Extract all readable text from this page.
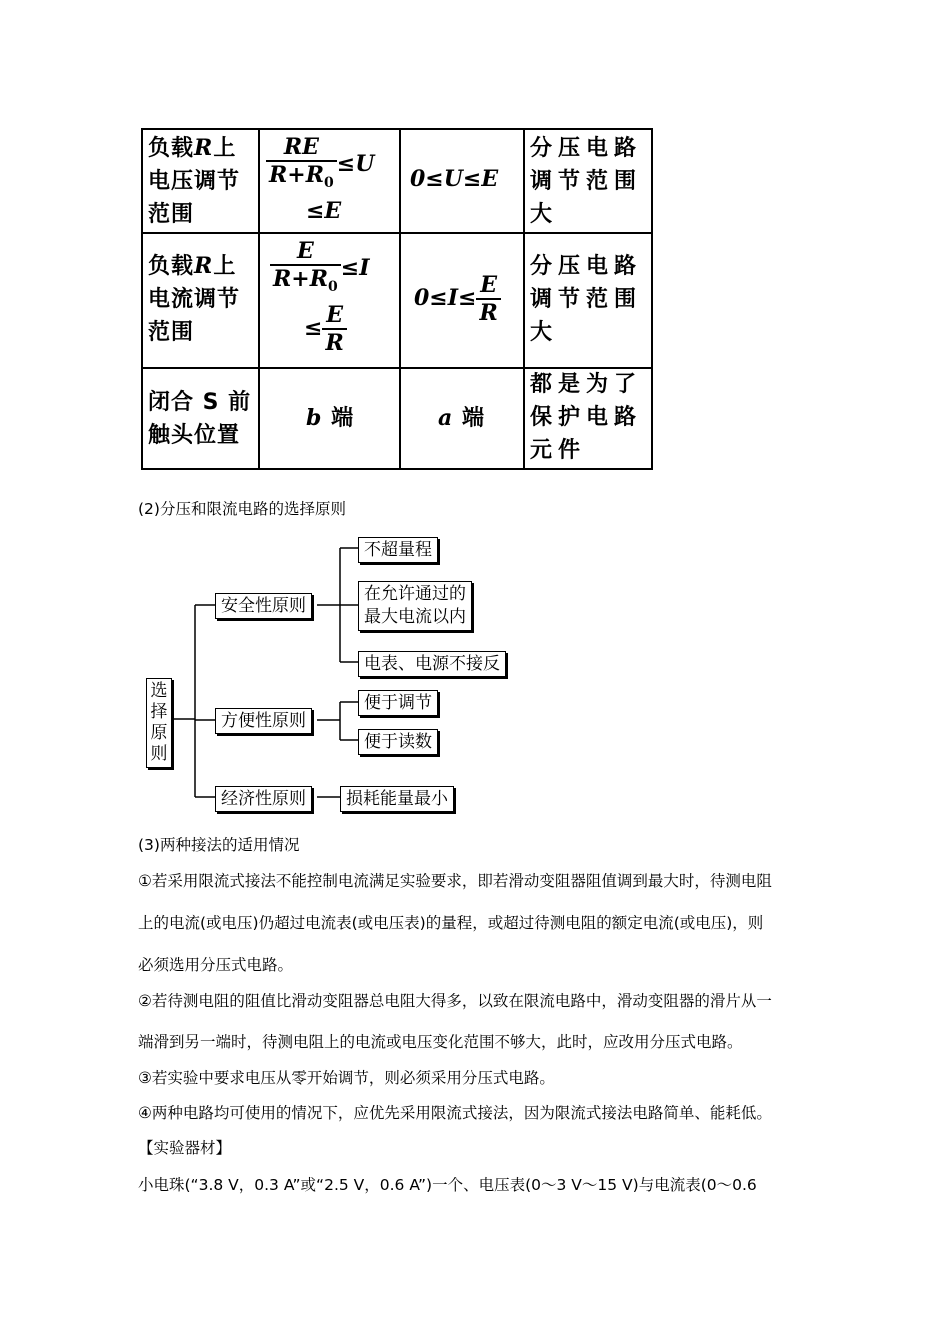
负载R上
电压调节
范围
$\frac{RE}{R+R_0} \le U$
≤E
0≤U≤E
分压电路
调节范围
大
负载R上
电流调节
范围
$\frac{E}{R+R_0} \le I$
≤ $\frac{E}{R}$
$0\le I\le \frac{E}{R}$
分压电路
调节范围
大
闭合 S 前
触头位置
b 端	a 端
都是为了
保护电路
元件
(2)分压和限流电路的选择原则
选
择
原
则
安全性原则
方便性原则
经济性原则
不超量程
在允许通过的
最大电流以内
电表、电源不接反
便于调节
便于读数
损耗能量最小
(3)两种接法的适用情况
①若采用限流式接法不能控制电流满足实验要求，即若滑动变阻器阻值调到最大时，待测电阻
上的电流(或电压)仍超过电流表(或电压表)的量程，或超过待测电阻的额定电流(或电压)，则
必须选用分压式电路。
②若待测电阻的阻值比滑动变阻器总电阻大得多，以致在限流电路中，滑动变阻器的滑片从一
端滑到另一端时，待测电阻上的电流或电压变化范围不够大，此时，应改用分压式电路。
③若实验中要求电压从零开始调节，则必须采用分压式电路。
④两种电路均可使用的情况下，应优先采用限流式接法，因为限流式接法电路简单、能耗低。
【实验器材】
小电珠(“3.8 V，0.3 A”或“2.5 V，0.6 A”)一个、电压表(0～3 V～15 V)与电流表(0～0.6
